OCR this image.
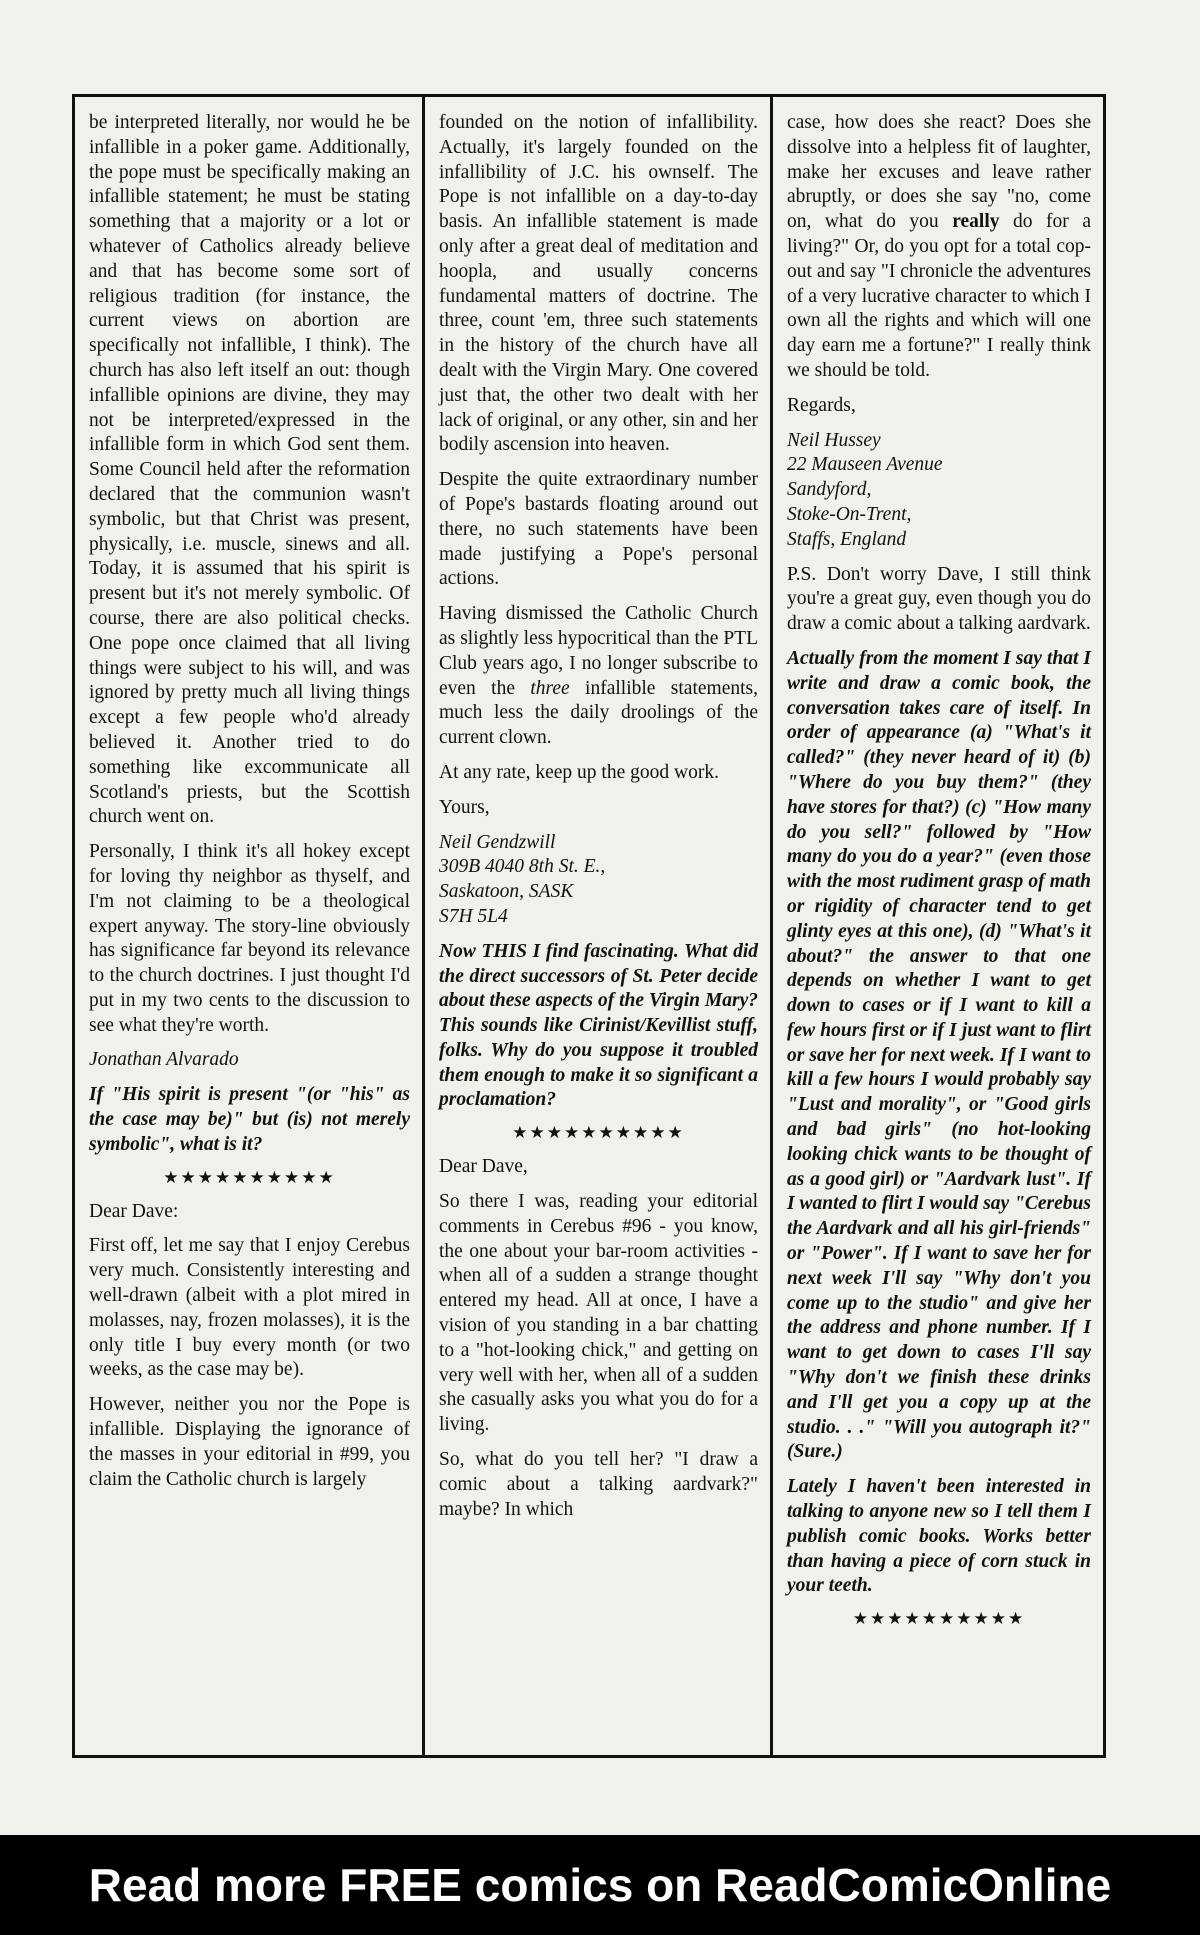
be interpreted literally, nor would he be infallible in a poker game. Additionally, the pope must be specifically making an infallible statement; he must be stating something that a majority or a lot or whatever of Catholics already believe and that has become some sort of religious tradition (for instance, the current views on abortion are specifically not infallible, I think). The church has also left itself an out: though infallible opinions are divine, they may not be interpreted/expressed in the infallible form in which God sent them. Some Council held after the reformation declared that the communion wasn't symbolic, but that Christ was present, physically, i.e. muscle, sinews and all. Today, it is assumed that his spirit is present but it's not merely symbolic. Of course, there are also political checks. One pope once claimed that all living things were subject to his will, and was ignored by pretty much all living things except a few people who'd already believed it. Another tried to do something like excommunicate all Scotland's priests, but the Scottish church went on.

Personally, I think it's all hokey except for loving thy neighbor as thyself, and I'm not claiming to be a theological expert anyway. The story-line obviously has significance far beyond its relevance to the church doctrines. I just thought I'd put in my two cents to the discussion to see what they're worth.

Jonathan Alvarado

If "His spirit is present "(or "his" as the case may be)" but (is) not merely symbolic", what is it?

★★★★★★★★★★

Dear Dave:

First off, let me say that I enjoy Cerebus very much. Consistently interesting and well-drawn (albeit with a plot mired in molasses, nay, frozen molasses), it is the only title I buy every month (or two weeks, as the case may be).

However, neither you nor the Pope is infallible. Displaying the ignorance of the masses in your editorial in #99, you claim the Catholic church is largely

founded on the notion of infallibility. Actually, it's largely founded on the infallibility of J.C. his ownself. The Pope is not infallible on a day-to-day basis. An infallible statement is made only after a great deal of meditation and hoopla, and usually concerns fundamental matters of doctrine. The three, count 'em, three such statements in the history of the church have all dealt with the Virgin Mary. One covered just that, the other two dealt with her lack of original, or any other, sin and her bodily ascension into heaven.

Despite the quite extraordinary number of Pope's bastards floating around out there, no such statements have been made justifying a Pope's personal actions.

Having dismissed the Catholic Church as slightly less hypocritical than the PTL Club years ago, I no longer subscribe to even the three infallible statements, much less the daily droolings of the current clown.

At any rate, keep up the good work.

Yours,

Neil Gendzwill

309B 4040 8th St. E.,

Saskatoon, SASK

S7H 5L4

Now THIS I find fascinating. What did the direct successors of St. Peter decide about these aspects of the Virgin Mary? This sounds like Cirinist/Kevillist stuff, folks. Why do you suppose it troubled them enough to make it so significant a proclamation?

★★★★★★★★★★

Dear Dave,

So there I was, reading your editorial comments in Cerebus #96 - you know, the one about your bar-room activities - when all of a sudden a strange thought entered my head. All at once, I have a vision of you standing in a bar chatting to a "hot-looking chick," and getting on very well with her, when all of a sudden she casually asks you what you do for a living.

So, what do you tell her? "I draw a comic about a talking aardvark?" maybe? In which

case, how does she react? Does she dissolve into a helpless fit of laughter, make her excuses and leave rather abruptly, or does she say "no, come on, what do you really do for a living?" Or, do you opt for a total cop-out and say "I chronicle the adventures of a very lucrative character to which I own all the rights and which will one day earn me a fortune?" I really think we should be told.

Regards,

Neil Hussey

22 Mauseen Avenue

Sandyford,

Stoke-On-Trent,

Staffs, England

P.S. Don't worry Dave, I still think you're a great guy, even though you do draw a comic about a talking aardvark.

Actually from the moment I say that I write and draw a comic book, the conversation takes care of itself. In order of appearance (a) "What's it called?" (they never heard of it) (b) "Where do you buy them?" (they have stores for that?) (c) "How many do you sell?" followed by "How many do you do a year?" (even those with the most rudiment grasp of math or rigidity of character tend to get glinty eyes at this one), (d) "What's it about?" the answer to that one depends on whether I want to get down to cases or if I want to kill a few hours first or if I just want to flirt or save her for next week. If I want to kill a few hours I would probably say "Lust and morality", or "Good girls and bad girls" (no hot-looking looking chick wants to be thought of as a good girl) or "Aardvark lust". If I wanted to flirt I would say "Cerebus the Aardvark and all his girl-friends" or "Power". If I want to save her for next week I'll say "Why don't you come up to the studio" and give her the address and phone number. If I want to get down to cases I'll say "Why don't we finish these drinks and I'll get you a copy up at the studio. . ." "Will you autograph it?" (Sure.)

Lately I haven't been interested in talking to anyone new so I tell them I publish comic books. Works better than having a piece of corn stuck in your teeth.

★★★★★★★★★★
Read more FREE comics on ReadComicOnline
